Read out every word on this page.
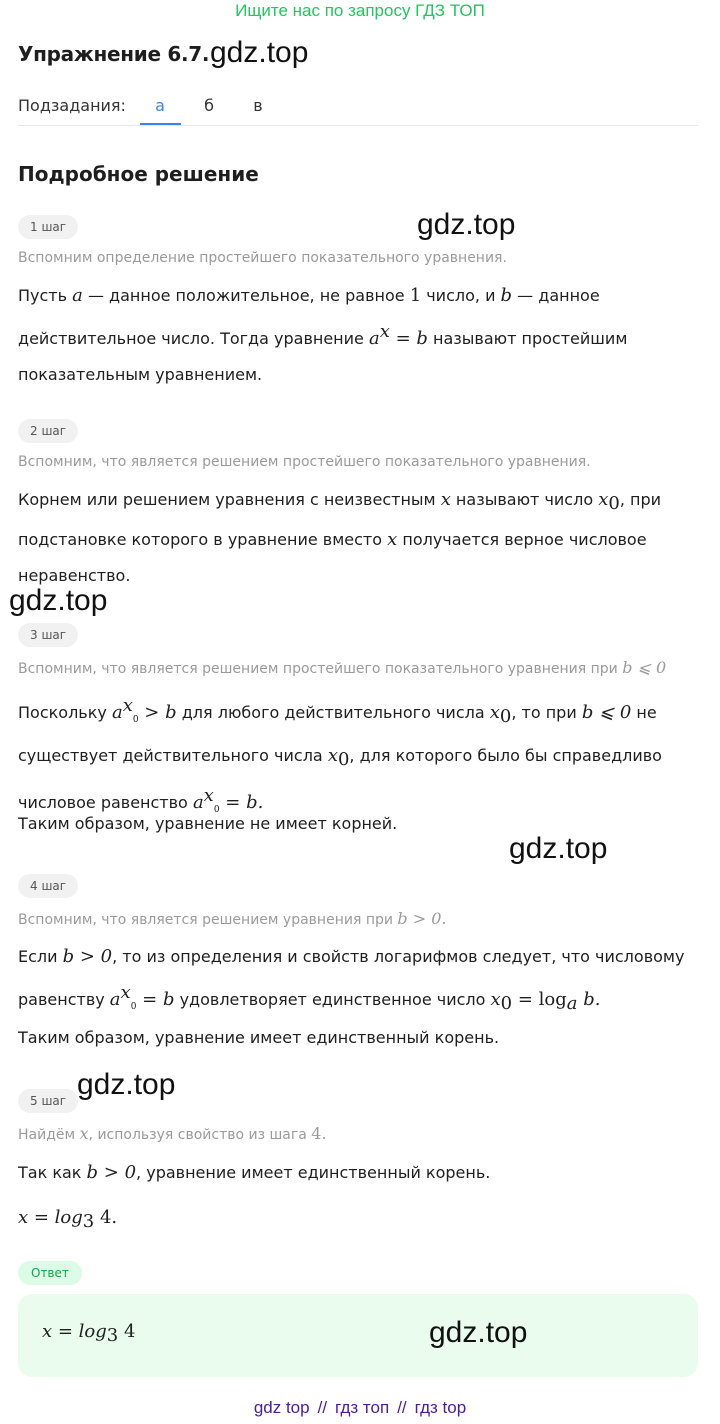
Ищите нас по запросу ГДЗ ТОП
Упражнение 6.7. gdz.top
Подзадания:	а	б	в
Подробное решение
gdz.top
1 шаг
Вспомним определение простейшего показательного уравнения.
Пусть a — данное положительное, не равное 1 число, и b — данное
действительное число. Тогда уравнение $a^x = b$ называют простейшим
показательным уравнением.
2 шаг
Вспомним, что является решением простейшего показательного уравнения.
Корнем или решением уравнения с неизвестным x называют число $x_0$, при
подстановке которого в уравнение вместо x получается верное числовое
неравенство.
gdz.top
3 шаг
Вспомним, что является решением простейшего показательного уравнения при b ⩽ 0
Поскольку $a^x_0 > b$ для любого действительного числа $x_0$, то при b ⩽ 0 не
существует действительного числа $x_0$, для которого было бы справедливо
числовое равенство $a^x_0 = b$.
Таким образом, уравнение не имеет корней.
gdz.top
4 шаг
Вспомним, что является решением уравнения при b > 0.
Если b > 0, то из определения и свойств логарифмов следует, что числовому
равенству $a^x_0 = b$ удовлетворяет единственное число $x_0 = \log_a b$.
Таким образом, уравнение имеет единственный корень.
gdz.top
5 шаг
Найдём x, используя свойство из шага 4.
Так как b > 0, уравнение имеет единственный корень.
$x = \log_3 4$.
Ответ
$x = \log_3 4$	gdz.top
gdz top // гдз топ // гдз top
